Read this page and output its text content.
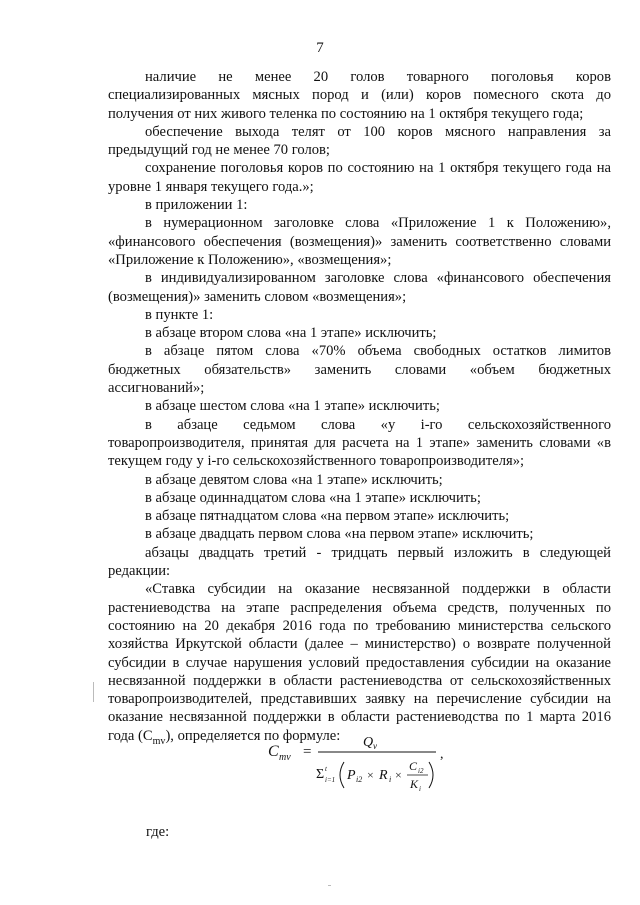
7

наличие не менее 20 голов товарного поголовья коров специализированных мясных пород и (или) коров помесного скота до получения от них живого теленка по состоянию на 1 октября текущего года;

обеспечение выхода телят от 100 коров мясного направления за предыдущий год не менее 70 голов;

сохранение поголовья коров по состоянию на 1 октября текущего года на уровне 1 января текущего года.»;

в приложении 1:

в нумерационном заголовке слова «Приложение 1 к Положению», «финансового обеспечения (возмещения)» заменить соответственно словами «Приложение к Положению», «возмещения»;

в индивидуализированном заголовке слова «финансового обеспечения (возмещения)» заменить словом «возмещения»;

в пункте 1:

в абзаце втором слова «на 1 этапе» исключить;

в абзаце пятом слова «70% объема свободных остатков лимитов бюджетных обязательств» заменить словами «объем бюджетных ассигнований»;

в абзаце шестом слова «на 1 этапе» исключить;

в абзаце седьмом слова «у i-го сельскохозяйственного товаропроизводителя, принятая для расчета на 1 этапе» заменить словами «в текущем году у i-го сельскохозяйственного товаропроизводителя»;

в абзаце девятом слова «на 1 этапе» исключить;

в абзаце одиннадцатом слова «на 1 этапе» исключить;

в абзаце пятнадцатом слова «на первом этапе» исключить;

в абзаце двадцать первом слова «на первом этапе» исключить;

абзацы двадцать третий - тридцать первый изложить в следующей редакции:

«Ставка субсидии на оказание несвязанной поддержки в области растениеводства на этапе распределения объема средств, полученных по состоянию на 20 декабря 2016 года по требованию министерства сельского хозяйства Иркутской области (далее – министерство) о возврате полученной субсидии в случае нарушения условий предоставления субсидии на оказание несвязанной поддержки в области растениеводства от сельскохозяйственных товаропроизводителей, представивших заявку на перечисление субсидии на оказание несвязанной поддержки в области растениеводства по 1 марта 2016 года $(C_{mv})$, определяется по формуле:

C mv =
Q v
Σ t
i=1 P i2 × R i ×
C i2
K i
,
где:
